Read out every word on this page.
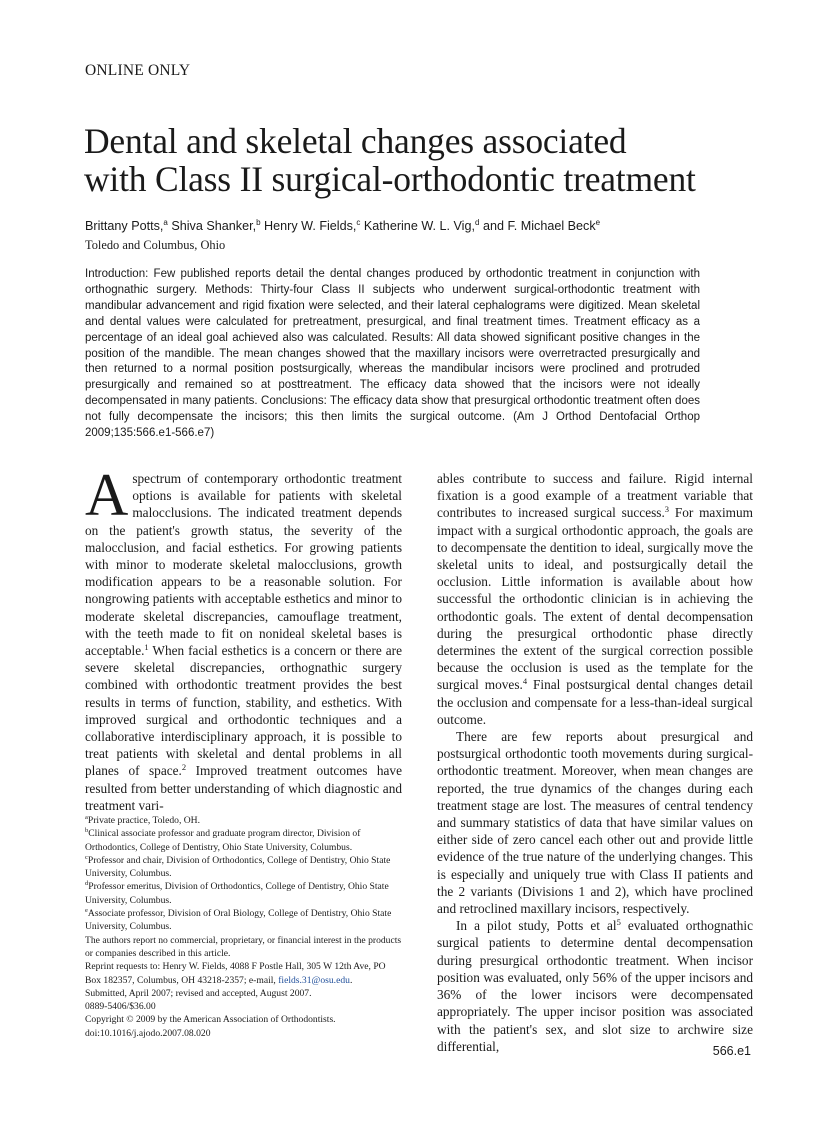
ONLINE ONLY
Dental and skeletal changes associated
with Class II surgical-orthodontic treatment
Brittany Potts,$^a$ Shiva Shanker,$^b$ Henry W. Fields,$^c$ Katherine W. L. Vig,$^d$ and F. Michael Beck$^e$
Toledo and Columbus, Ohio
Introduction: Few published reports detail the dental changes produced by orthodontic treatment in conjunction with orthognathic surgery. Methods: Thirty-four Class II subjects who underwent surgical-orthodontic treatment with mandibular advancement and rigid fixation were selected, and their lateral cephalograms were digitized. Mean skeletal and dental values were calculated for pretreatment, presurgical, and final treatment times. Treatment efficacy as a percentage of an ideal goal achieved also was calculated. Results: All data showed significant positive changes in the position of the mandible. The mean changes showed that the maxillary incisors were overretracted presurgically and then returned to a normal position postsurgically, whereas the mandibular incisors were proclined and protruded presurgically and remained so at posttreatment. The efficacy data showed that the incisors were not ideally decompensated in many patients. Conclusions: The efficacy data show that presurgical orthodontic treatment often does not fully decompensate the incisors; this then limits the surgical outcome. (Am J Orthod Dentofacial Orthop 2009;135:566.e1-566.e7)

Aspectrum of contemporary orthodontic treatment options is available for patients with skeletal malocclusions. The indicated treatment depends on the patient's growth status, the severity of the malocclusion, and facial esthetics. For growing patients with minor to moderate skeletal malocclusions, growth modification appears to be a reasonable solution. For nongrowing patients with acceptable esthetics and minor to moderate skeletal discrepancies, camouflage treatment, with the teeth made to fit on nonideal skeletal bases is acceptable.$^1$ When facial esthetics is a concern or there are severe skeletal discrepancies, orthognathic surgery combined with orthodontic treatment provides the best results in terms of function, stability, and esthetics. With improved surgical and orthodontic techniques and a collaborative interdisciplinary approach, it is possible to treat patients with skeletal and dental problems in all planes of space.$^2$ Improved treatment outcomes have resulted from better understanding of which diagnostic and treatment vari-

$^a$Private practice, Toledo, OH.

$^b$Clinical associate professor and graduate program director, Division of Orthodontics, College of Dentistry, Ohio State University, Columbus.

$^c$Professor and chair, Division of Orthodontics, College of Dentistry, Ohio State University, Columbus.

$^d$Professor emeritus, Division of Orthodontics, College of Dentistry, Ohio State University, Columbus.

$^e$Associate professor, Division of Oral Biology, College of Dentistry, Ohio State University, Columbus.

The authors report no commercial, proprietary, or financial interest in the products or companies described in this article.

Reprint requests to: Henry W. Fields, 4088 F Postle Hall, 305 W 12th Ave, PO Box 182357, Columbus, OH 43218-2357; e-mail, fields.31@osu.edu.

Submitted, April 2007; revised and accepted, August 2007.

0889-5406/$36.00

Copyright © 2009 by the American Association of Orthodontists.

doi:10.1016/j.ajodo.2007.08.020

ables contribute to success and failure. Rigid internal fixation is a good example of a treatment variable that contributes to increased surgical success.$^3$ For maximum impact with a surgical orthodontic approach, the goals are to decompensate the dentition to ideal, surgically move the skeletal units to ideal, and postsurgically detail the occlusion. Little information is available about how successful the orthodontic clinician is in achieving the orthodontic goals. The extent of dental decompensation during the presurgical orthodontic phase directly determines the extent of the surgical correction possible because the occlusion is used as the template for the surgical moves.$^4$ Final postsurgical dental changes detail the occlusion and compensate for a less-than-ideal surgical outcome.

There are few reports about presurgical and postsurgical orthodontic tooth movements during surgical-orthodontic treatment. Moreover, when mean changes are reported, the true dynamics of the changes during each treatment stage are lost. The measures of central tendency and summary statistics of data that have similar values on either side of zero cancel each other out and provide little evidence of the true nature of the underlying changes. This is especially and uniquely true with Class II patients and the 2 variants (Divisions 1 and 2), which have proclined and retroclined maxillary incisors, respectively.

In a pilot study, Potts et al$^5$ evaluated orthognathic surgical patients to determine dental decompensation during presurgical orthodontic treatment. When incisor position was evaluated, only 56% of the upper incisors and 36% of the lower incisors were decompensated appropriately. The upper incisor position was associated with the patient's sex, and slot size to archwire size differential,	566.e1
